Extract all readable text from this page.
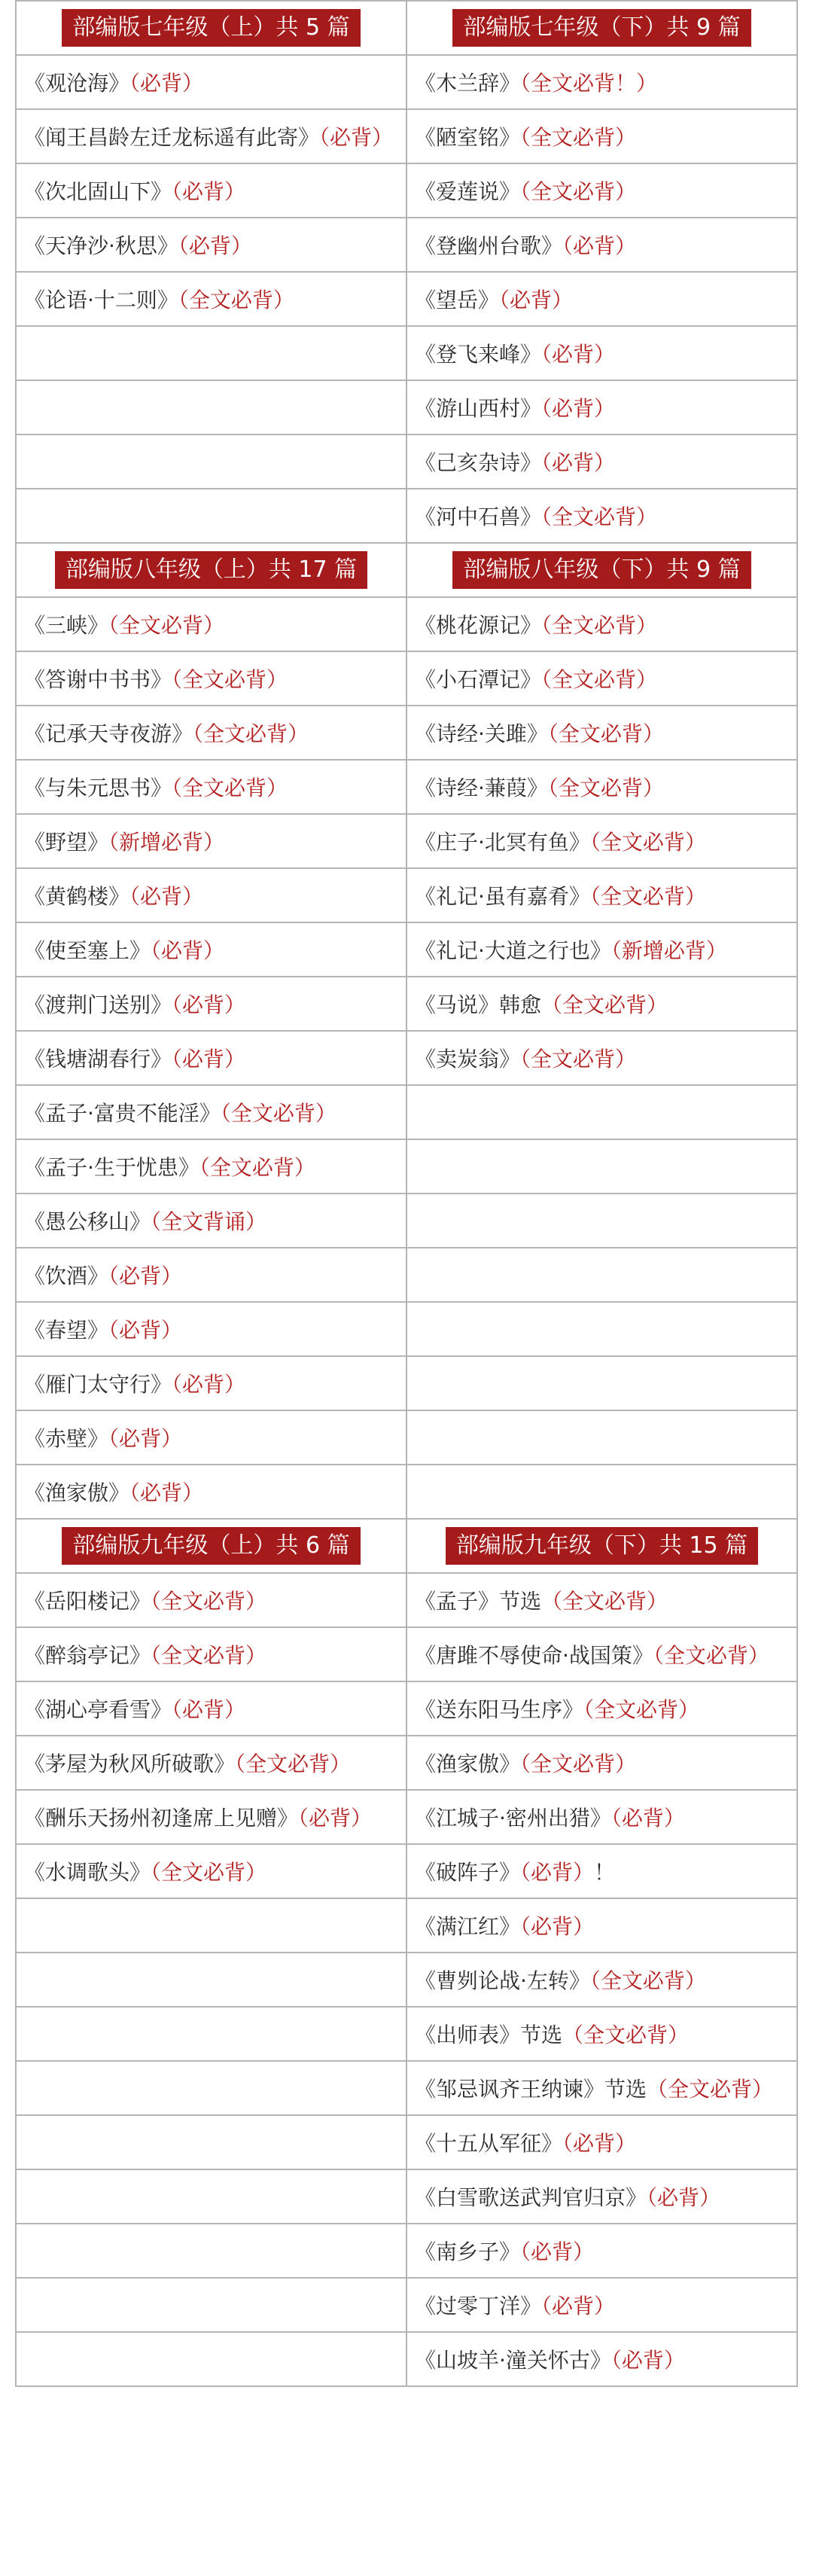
部编版七年级（上）共 5 篇	部编版七年级（下）共 9 篇
《观沧海》（必背）	《木兰辞》（全文必背！）
《闻王昌龄左迁龙标遥有此寄》（必背）	《陋室铭》（全文必背）
《次北固山下》（必背）	《爱莲说》（全文必背）
《天净沙·秋思》（必背）	《登幽州台歌》（必背）
《论语·十二则》（全文必背）	《望岳》（必背）
	《登飞来峰》（必背）
	《游山西村》（必背）
	《己亥杂诗》（必背）
	《河中石兽》（全文必背）
部编版八年级（上）共 17 篇	部编版八年级（下）共 9 篇
《三峡》（全文必背）	《桃花源记》（全文必背）
《答谢中书书》（全文必背）	《小石潭记》（全文必背）
《记承天寺夜游》（全文必背）	《诗经·关雎》（全文必背）
《与朱元思书》（全文必背）	《诗经·蒹葭》（全文必背）
《野望》（新增必背）	《庄子·北冥有鱼》（全文必背）
《黄鹤楼》（必背）	《礼记·虽有嘉肴》（全文必背）
《使至塞上》（必背）	《礼记·大道之行也》（新增必背）
《渡荆门送别》（必背）	《马说》韩愈（全文必背）
《钱塘湖春行》（必背）	《卖炭翁》（全文必背）
《孟子·富贵不能淫》（全文必背）	
《孟子·生于忧患》（全文必背）	
《愚公移山》（全文背诵）	
《饮酒》（必背）	
《春望》（必背）	
《雁门太守行》（必背）	
《赤壁》（必背）	
《渔家傲》（必背）	
部编版九年级（上）共 6 篇	部编版九年级（下）共 15 篇
《岳阳楼记》（全文必背）	《孟子》节选（全文必背）
《醉翁亭记》（全文必背）	《唐雎不辱使命·战国策》（全文必背）
《湖心亭看雪》（必背）	《送东阳马生序》（全文必背）
《茅屋为秋风所破歌》（全文必背）	《渔家傲》（全文必背）
《酬乐天扬州初逢席上见赠》（必背）	《江城子·密州出猎》（必背）
《水调歌头》（全文必背）	《破阵子》（必背）！
	《满江红》（必背）
	《曹刿论战·左转》（全文必背）
	《出师表》节选（全文必背）
	《邹忌讽齐王纳谏》节选（全文必背）
	《十五从军征》（必背）
	《白雪歌送武判官归京》（必背）
	《南乡子》（必背）
	《过零丁洋》（必背）
	《山坡羊·潼关怀古》（必背）
